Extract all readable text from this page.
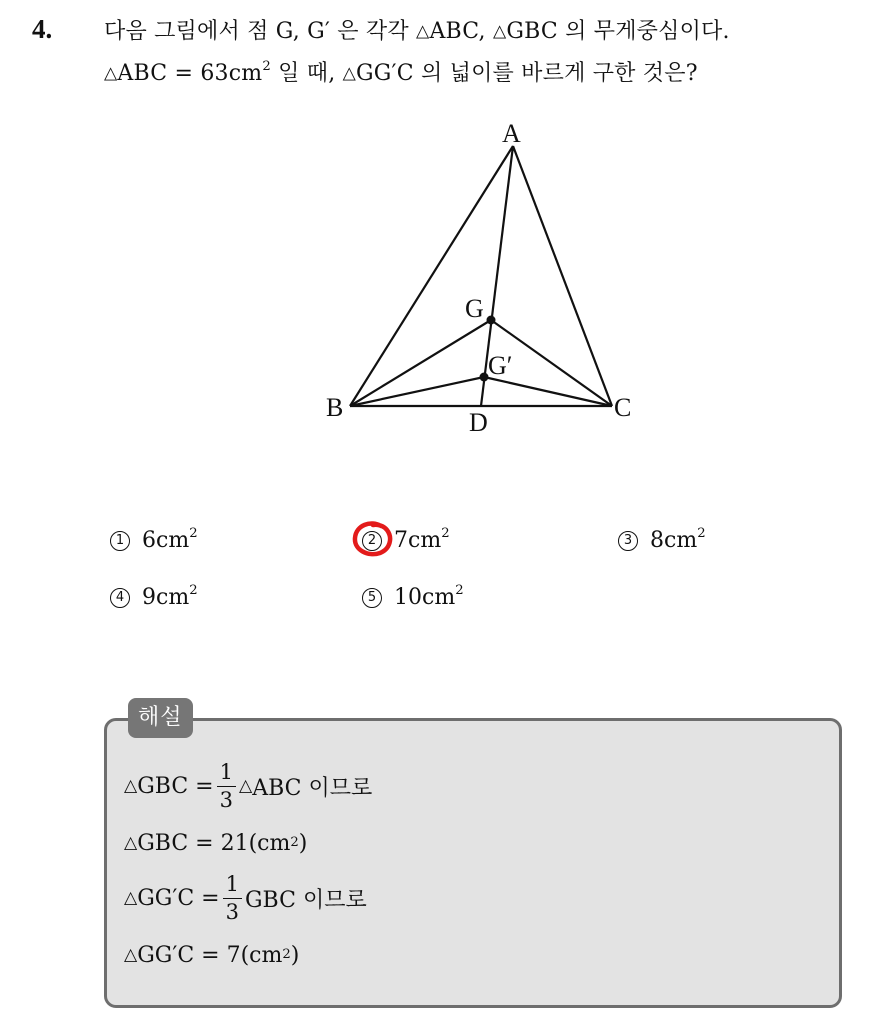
4. 다음 그림에서 점 G, G′ 은 각각 △ABC, △GBC 의 무게중심이다.
△ABC = $63cm^2$ 일 때, △GG′C 의 넓이를 바르게 구한 것은?
A
B	C
D
G
G′
1 $6cm^2$	2 $7cm^2$	3 $8cm^2$
4 $9cm^2$	5 $10cm^2$
해설
△ GBC = $\frac{1}{3}$ △ ABC 이므로
△ GBC = 21(cm 2 )
△ $GG'C = \frac{1}{3}$ GBC 이므로
△ GG′C = 7(cm 2 )
